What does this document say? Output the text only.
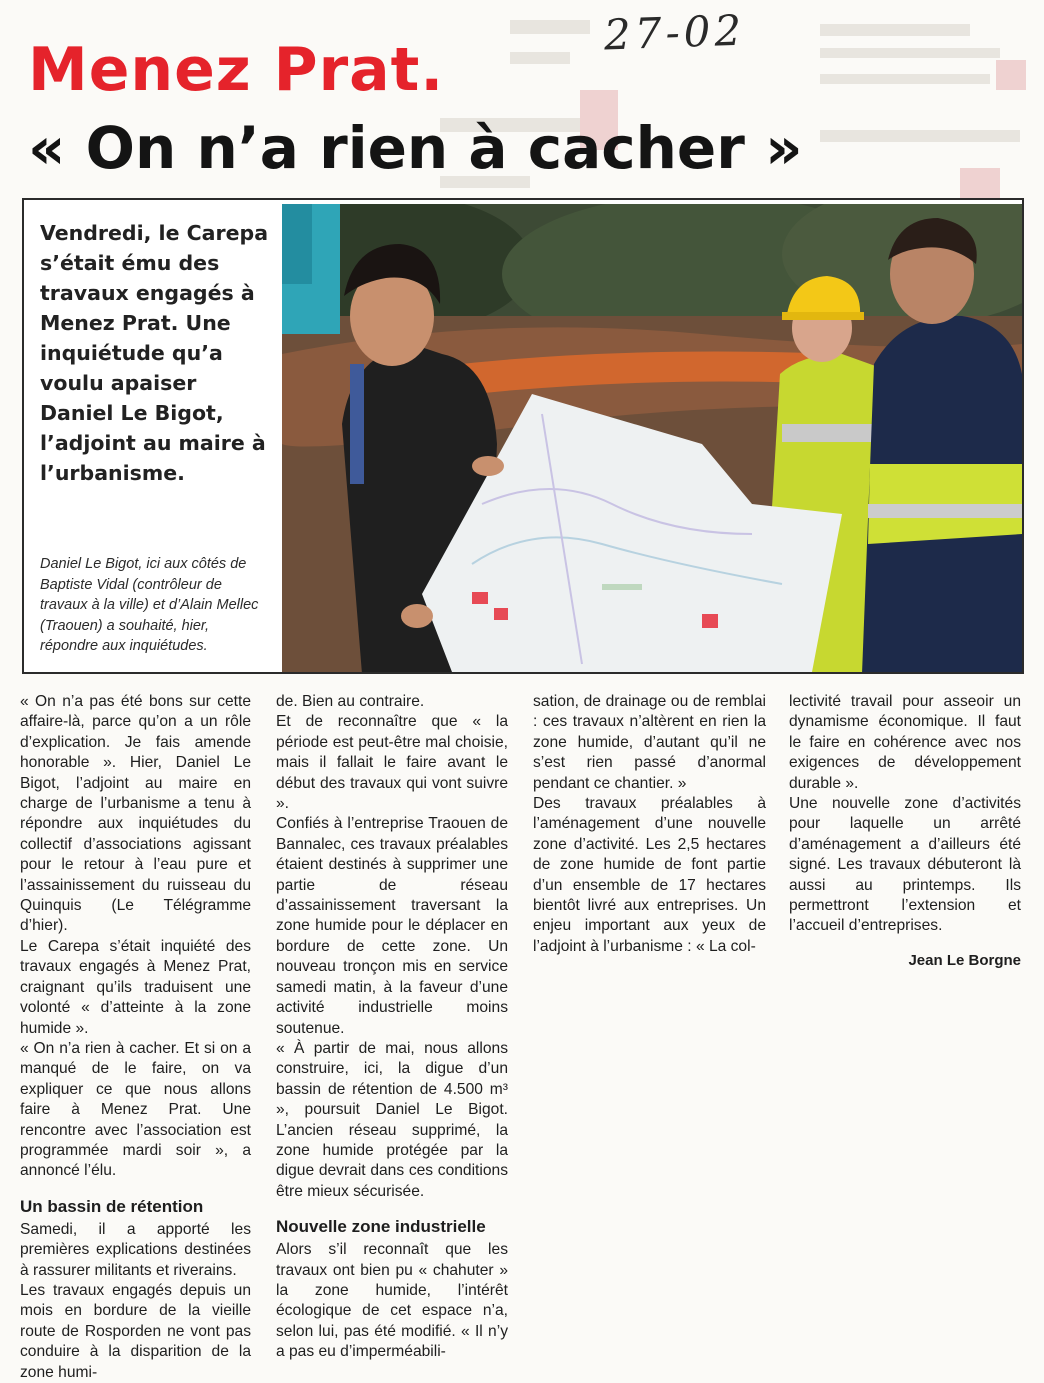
27-02
Menez Prat.
« On n’a rien à cacher »
Vendredi, le Carepa s’était ému des travaux engagés à Menez Prat. Une inquiétude qu’a voulu apaiser Daniel Le Bigot, l’adjoint au maire à l’urbanisme.
Daniel Le Bigot, ici aux côtés de Baptiste Vidal (contrôleur de travaux à la ville) et d’Alain Mellec (Traouen) a souhaité, hier, répondre aux inquiétudes.

« On n’a pas été bons sur cette affaire-là, parce qu’on a un rôle d’explication. Je fais amende honorable ». Hier, Daniel Le Bigot, l’adjoint au maire en charge de l’urbanisme a tenu à répondre aux inquiétudes du collectif d’associations agissant pour le retour à l’eau pure et l’assainissement du ruisseau du Quinquis (Le Télégramme d’hier).

Le Carepa s’était inquiété des travaux engagés à Menez Prat, craignant qu’ils traduisent une volonté « d’atteinte à la zone humide ».

« On n’a rien à cacher. Et si on a manqué de le faire, on va expliquer ce que nous allons faire à Menez Prat. Une rencontre avec l’association est programmée mardi soir », a annoncé l’élu.

Un bassin de rétention

Samedi, il a apporté les premières explications destinées à rassurer militants et riverains.

Les travaux engagés depuis un mois en bordure de la vieille route de Rosporden ne vont pas conduire à la disparition de la zone humi-

de. Bien au contraire.

Et de reconnaître que « la période est peut-être mal choisie, mais il fallait le faire avant le début des travaux qui vont suivre ».

Confiés à l’entreprise Traouen de Bannalec, ces travaux préalables étaient destinés à supprimer une partie de réseau d’assainissement traversant la zone humide pour le déplacer en bordure de cette zone. Un nouveau tronçon mis en service samedi matin, à la faveur d’une activité industrielle moins soutenue.

« À partir de mai, nous allons construire, ici, la digue d’un bassin de rétention de 4.500 m³ », poursuit Daniel Le Bigot. L’ancien réseau supprimé, la zone humide protégée par la digue devrait dans ces conditions être mieux sécurisée.

Nouvelle zone industrielle

Alors s’il reconnaît que les travaux ont bien pu « chahuter » la zone humide, l’intérêt écologique de cet espace n’a, selon lui, pas été modifié. « Il n’y a pas eu d’imperméabili-

sation, de drainage ou de remblai : ces travaux n’altèrent en rien la zone humide, d’autant qu’il ne s’est rien passé d’anormal pendant ce chantier. »

Des travaux préalables à l’aménagement d’une nouvelle zone d’activité. Les 2,5 hectares de zone humide de font partie d’un ensemble de 17 hectares bientôt livré aux entreprises. Un enjeu important aux yeux de l’adjoint à l’urbanisme : « La col-

lectivité travail pour asseoir un dynamisme économique. Il faut le faire en cohérence avec nos exigences de développement durable ».

Une nouvelle zone d’activités pour laquelle un arrêté d’aménagement a d’ailleurs été signé. Les travaux débuteront là aussi au printemps. Ils permettront l’extension et l’accueil d’entreprises.

Jean Le Borgne
